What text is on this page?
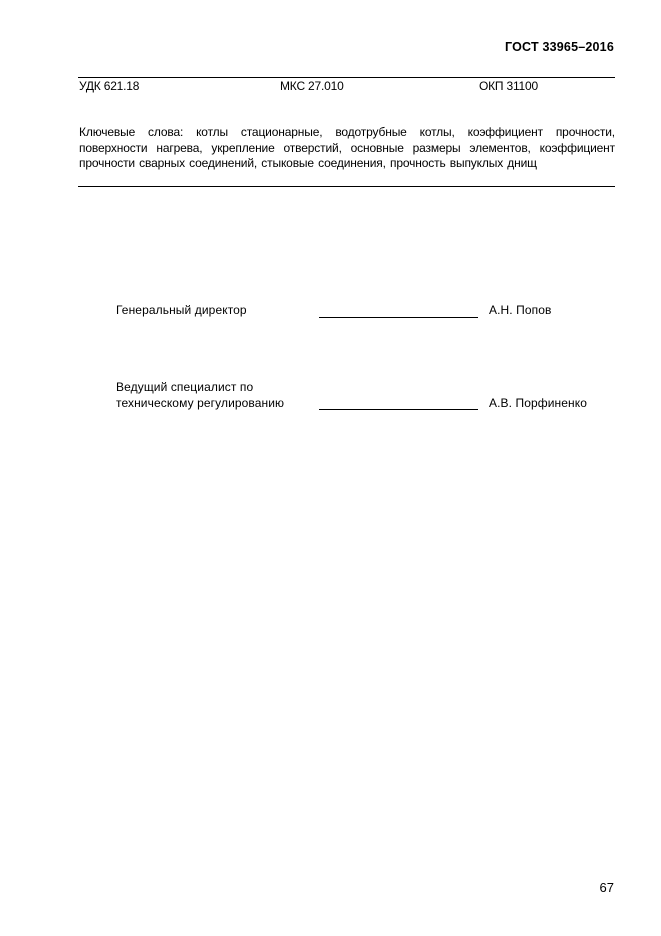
ГОСТ 33965–2016
УДК 621.18	МКС 27.010	ОКП 31100
Ключевые слова: котлы стационарные, водотрубные котлы, коэффициент прочности, поверхности нагрева, укрепление отверстий, основные размеры элементов, коэффициент прочности сварных соединений, стыковые соединения, прочность выпуклых днищ
Генеральный директор	А.Н. Попов
Ведущий специалист по
техническому регулированию	А.В. Порфиненко
67
